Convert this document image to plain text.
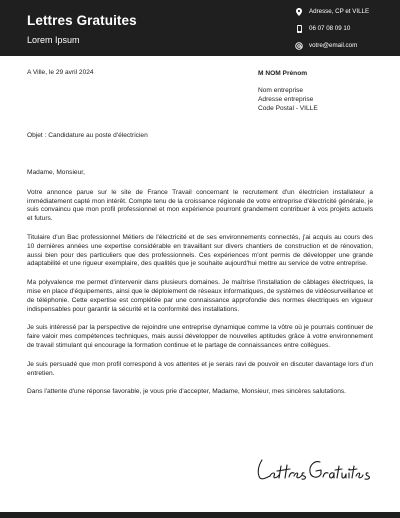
Lettres Gratuites
Lorem Ipsum
Adresse, CP et VILLE
06 07 08 09 10
votre@email.com
A Ville, le 29 avril 2024	M NOM Prénom
Nom entreprise
Adresse entreprise
Code Postal - VILLE
Objet : Candidature au poste d'électricien

Madame, Monsieur,

Votre annonce parue sur le site de France Travail concernant le recrutement d'un électricien installateur a immédiatement capté mon intérêt. Compte tenu de la croissance régionale de votre entreprise d'électricité générale, je suis convaincu que mon profil professionnel et mon expérience pourront grandement contribuer à vos projets actuels et futurs.

Titulaire d'un Bac professionnel Métiers de l'électricité et de ses environnements connectés, j'ai acquis au cours des 10 dernières années une expertise considérable en travaillant sur divers chantiers de construction et de rénovation, aussi bien pour des particuliers que des professionnels. Ces expériences m'ont permis de développer une grande adaptabilité et une rigueur exemplaire, des qualités que je souhaite aujourd'hui mettre au service de votre entreprise.

Ma polyvalence me permet d'intervenir dans plusieurs domaines. Je maîtrise l'installation de câblages électriques, la mise en place d'équipements, ainsi que le déploiement de réseaux informatiques, de systèmes de vidéosurveillance et de téléphonie. Cette expertise est complétée par une connaissance approfondie des normes électriques en vigueur indispensables pour garantir la sécurité et la conformité des installations.

Je suis intéressé par la perspective de rejoindre une entreprise dynamique comme la vôtre où je pourrais continuer de faire valoir mes compétences techniques, mais aussi développer de nouvelles aptitudes grâce à votre environnement de travail stimulant qui encourage la formation continue et le partage de connaissances entre collègues.

Je suis persuadé que mon profil correspond à vos attentes et je serais ravi de pouvoir en discuter davantage lors d'un entretien.

Dans l'attente d'une réponse favorable, je vous prie d'accepter, Madame, Monsieur, mes sincères salutations.
